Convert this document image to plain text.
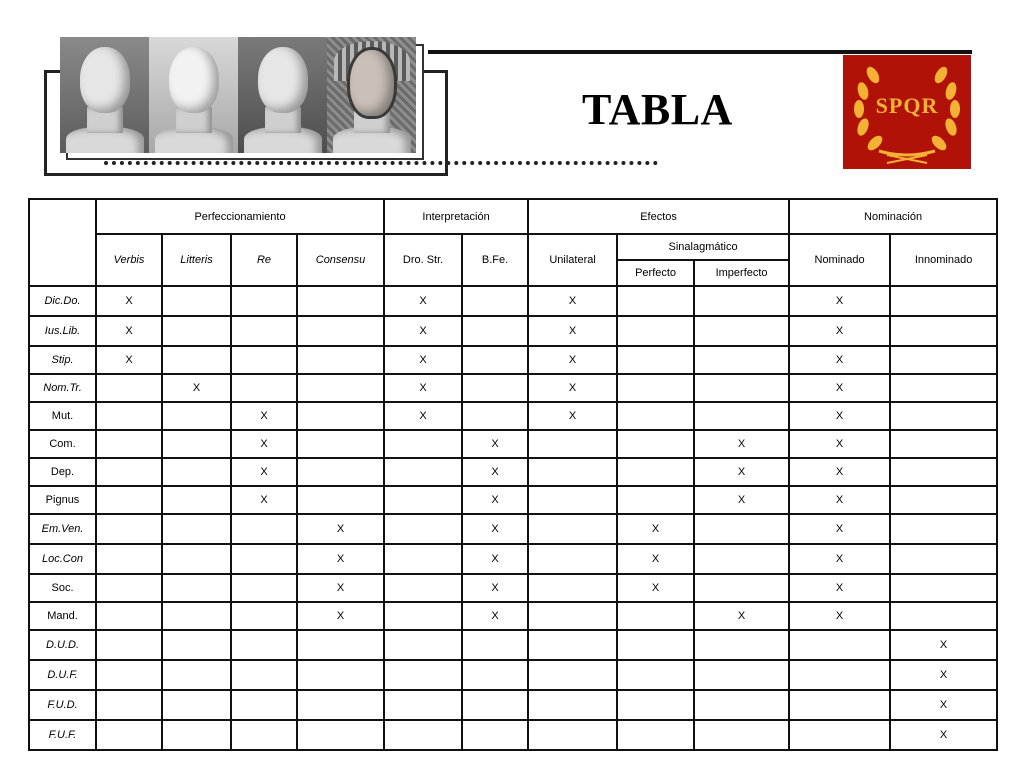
TABLA	SPQR
	Perfeccionamiento				Interpretación		Efectos			Nominación	
	Verbis	Litteris	Re	Consensu	Dro. Str.	B.Fe.	Unilateral	Sinalagmático		Nominado	Innominado
								Perfecto	Imperfecto		
Dic.Do.	X				X		X			X	
Ius.Lib.	X				X		X			X	
Stip.	X				X		X			X	
Nom.Tr.		X			X		X			X	
Mut.			X		X		X			X	
Com.			X			X			X	X	
Dep.			X			X			X	X	
Pignus			X			X			X	X	
Em.Ven.				X		X		X		X	
Loc.Con				X		X		X		X	
Soc.				X		X		X		X	
Mand.				X		X			X	X	
D.U.D.											X
D.U.F.											X
F.U.D.											X
F.U.F.											X
